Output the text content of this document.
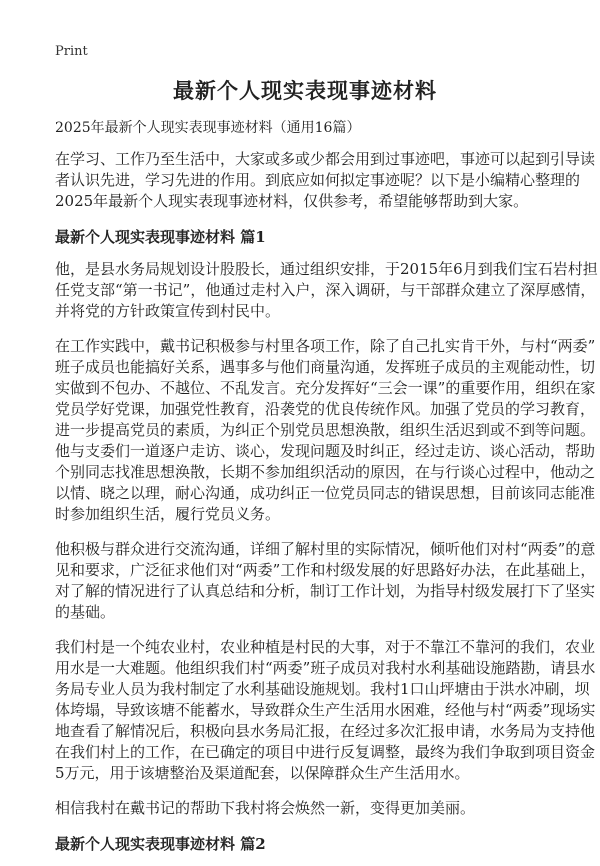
Print
最新个人现实表现事迹材料
2025年最新个人现实表现事迹材料（通用16篇）
在学习、工作乃至生活中，大家或多或少都会用到过事迹吧，事迹可以起到引导读
者认识先进，学习先进的作用。到底应如何拟定事迹呢？以下是小编精心整理的
2025年最新个人现实表现事迹材料，仅供参考，希望能够帮助到大家。
最新个人现实表现事迹材料 篇1
他，是县水务局规划设计股股长，通过组织安排，于2015年6月到我们宝石岩村担
任党支部“第一书记”，他通过走村入户，深入调研，与干部群众建立了深厚感情，
并将党的方针政策宣传到村民中。
在工作实践中，戴书记积极参与村里各项工作，除了自己扎实肯干外，与村“两委”
班子成员也能搞好关系，遇事多与他们商量沟通，发挥班子成员的主观能动性，切
实做到不包办、不越位、不乱发言。充分发挥好“三会一课”的重要作用，组织在家
党员学好党课，加强党性教育，沿袭党的优良传统作风。加强了党员的学习教育，
进一步提高党员的素质，为纠正个别党员思想涣散，组织生活迟到或不到等问题。
他与支委们一道逐户走访、谈心，发现问题及时纠正，经过走访、谈心活动，帮助
个别同志找准思想涣散，长期不参加组织活动的原因，在与行谈心过程中，他动之
以情、晓之以理，耐心沟通，成功纠正一位党员同志的错误思想，目前该同志能准
时参加组织生活，履行党员义务。
他积极与群众进行交流沟通，详细了解村里的实际情况，倾听他们对村“两委”的意
见和要求，广泛征求他们对“两委”工作和村级发展的好思路好办法，在此基础上，
对了解的情况进行了认真总结和分析，制订工作计划，为指导村级发展打下了坚实
的基础。
我们村是一个纯农业村，农业种植是村民的大事，对于不靠江不靠河的我们，农业
用水是一大难题。他组织我们村“两委”班子成员对我村水利基础设施踏勘，请县水
务局专业人员为我村制定了水利基础设施规划。我村1口山坪塘由于洪水冲刷，坝
体垮塌，导致该塘不能蓄水，导致群众生产生活用水困难，经他与村“两委”现场实
地查看了解情况后，积极向县水务局汇报，在经过多次汇报申请，水务局为支持他
在我们村上的工作，在已确定的项目中进行反复调整，最终为我们争取到项目资金
5万元，用于该塘整治及渠道配套，以保障群众生产生活用水。
相信我村在戴书记的帮助下我村将会焕然一新，变得更加美丽。
最新个人现实表现事迹材料 篇2
